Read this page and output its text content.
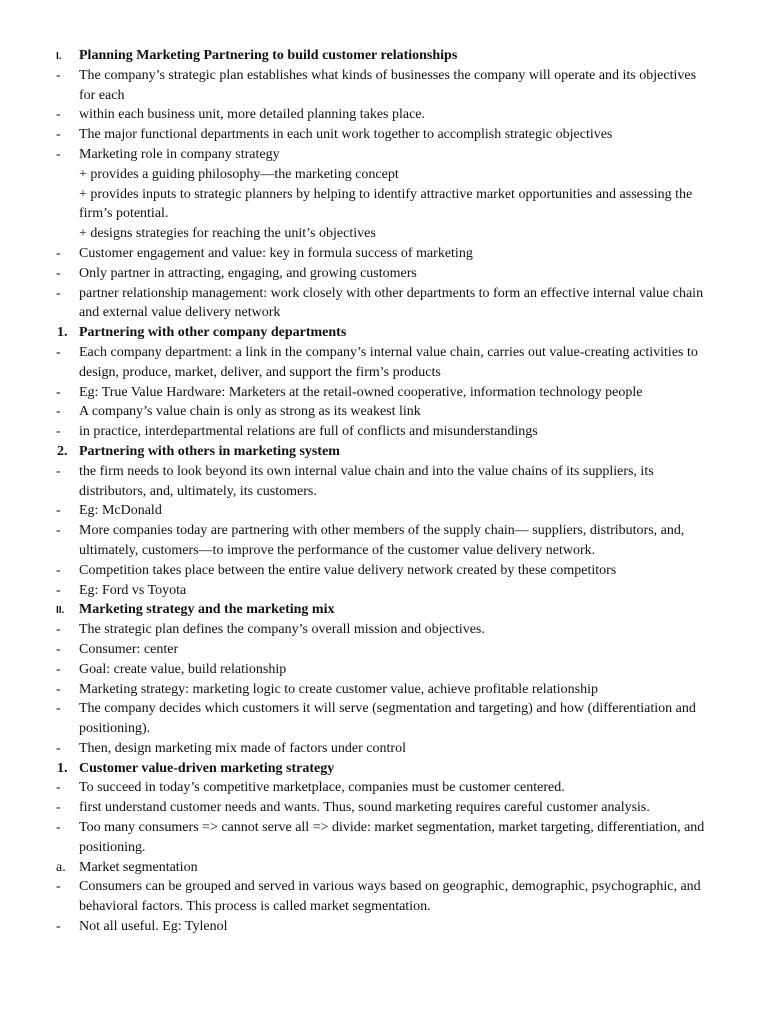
I. Planning Marketing Partnering to build customer relationships
- The company’s strategic plan establishes what kinds of businesses the company will operate and its objectives for each
- within each business unit, more detailed planning takes place.
- The major functional departments in each unit work together to accomplish strategic objectives
- Marketing role in company strategy
+ provides a guiding philosophy—the marketing concept
+ provides inputs to strategic planners by helping to identify attractive market opportunities and assessing the firm’s potential.
+ designs strategies for reaching the unit’s objectives
- Customer engagement and value: key in formula success of marketing
- Only partner in attracting, engaging, and growing customers
- partner relationship management: work closely with other departments to form an effective internal value chain and external value delivery network
1. Partnering with other company departments
- Each company department: a link in the company’s internal value chain, carries out value-creating activities to design, produce, market, deliver, and support the firm’s products
- Eg: True Value Hardware: Marketers at the retail-owned cooperative, information technology people
- A company’s value chain is only as strong as its weakest link
- in practice, interdepartmental relations are full of conflicts and misunderstandings
2. Partnering with others in marketing system
- the firm needs to look beyond its own internal value chain and into the value chains of its suppliers, its distributors, and, ultimately, its customers.
- Eg: McDonald
- More companies today are partnering with other members of the supply chain— suppliers, distributors, and, ultimately, customers—to improve the performance of the customer value delivery network.
- Competition takes place between the entire value delivery network created by these competitors
- Eg: Ford vs Toyota
II. Marketing strategy and the marketing mix
- The strategic plan defines the company’s overall mission and objectives.
- Consumer: center
- Goal: create value, build relationship
- Marketing strategy: marketing logic to create customer value, achieve profitable relationship
- The company decides which customers it will serve (segmentation and targeting) and how (differentiation and positioning).
- Then, design marketing mix made of factors under control
1. Customer value-driven marketing strategy
- To succeed in today’s competitive marketplace, companies must be customer centered.
- first understand customer needs and wants. Thus, sound marketing requires careful customer analysis.
- Too many consumers => cannot serve all => divide: market segmentation, market targeting, differentiation, and positioning.
a. Market segmentation
- Consumers can be grouped and served in various ways based on geographic, demographic, psychographic, and behavioral factors. This process is called market segmentation.
- Not all useful. Eg: Tylenol
